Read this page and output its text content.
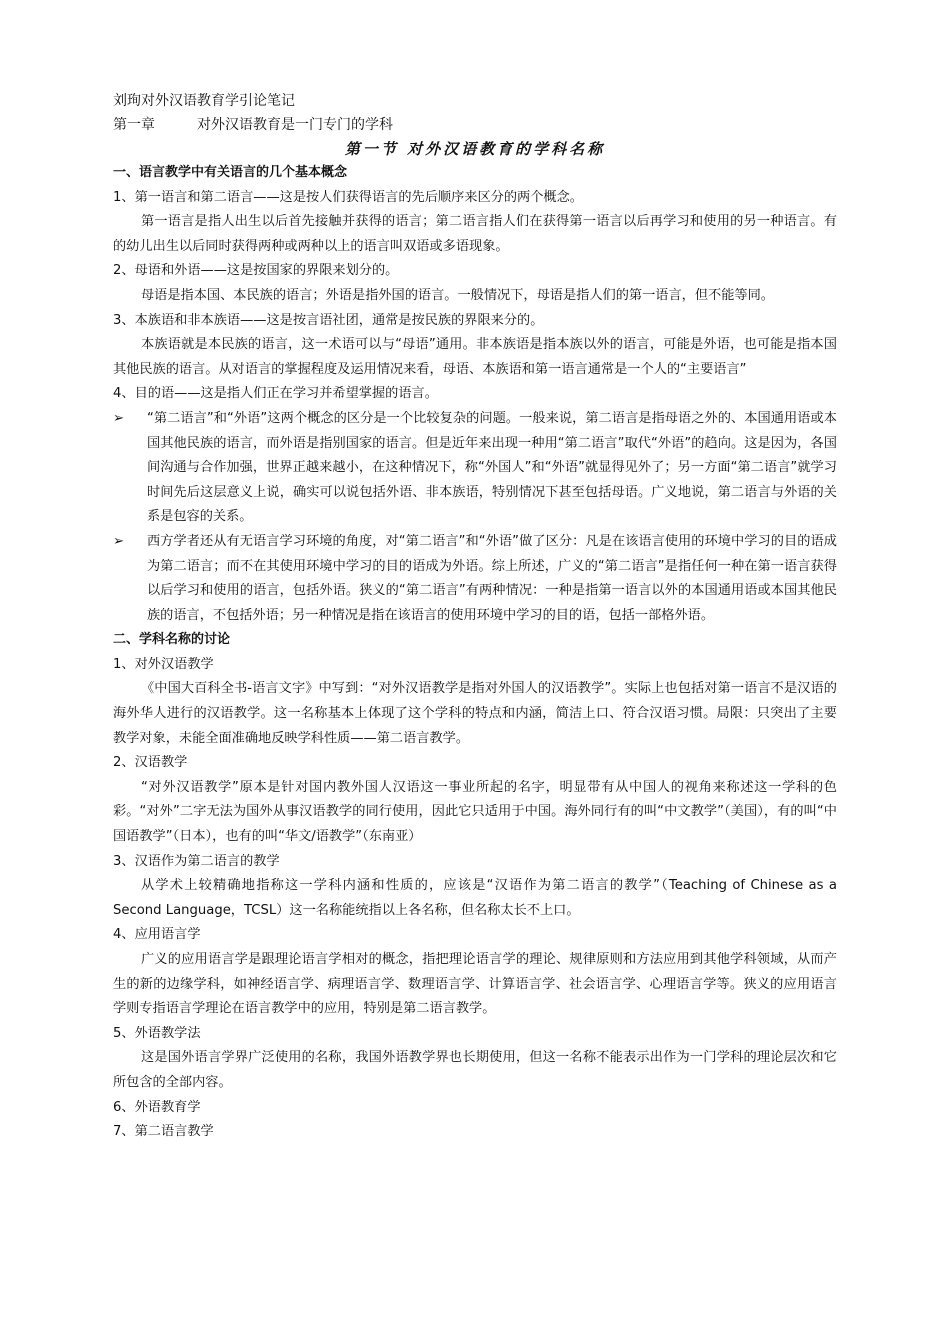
刘珣对外汉语教育学引论笔记
第一章	对外汉语教育是一门专门的学科
第一节 对外汉语教育的学科名称
一、语言教学中有关语言的几个基本概念
1、第一语言和第二语言——这是按人们获得语言的先后顺序来区分的两个概念。
第一语言是指人出生以后首先接触并获得的语言；第二语言指人们在获得第一语言以后再学习和使用的另一种语言。有的幼儿出生以后同时获得两种或两种以上的语言叫双语或多语现象。
2、母语和外语——这是按国家的界限来划分的。
母语是指本国、本民族的语言；外语是指外国的语言。一般情况下，母语是指人们的第一语言，但不能等同。
3、本族语和非本族语——这是按言语社团，通常是按民族的界限来分的。
本族语就是本民族的语言，这一术语可以与“母语”通用。非本族语是指本族以外的语言，可能是外语，也可能是指本国其他民族的语言。从对语言的掌握程度及运用情况来看，母语、本族语和第一语言通常是一个人的“主要语言”
4、目的语——这是指人们正在学习并希望掌握的语言。
➢ “第二语言”和“外语”这两个概念的区分是一个比较复杂的问题。一般来说，第二语言是指母语之外的、本国通用语或本国其他民族的语言，而外语是指别国家的语言。但是近年来出现一种用“第二语言”取代“外语”的趋向。这是因为，各国间沟通与合作加强，世界正越来越小，在这种情况下，称“外国人”和“外语”就显得见外了；另一方面“第二语言”就学习时间先后这层意义上说，确实可以说包括外语、非本族语，特别情况下甚至包括母语。广义地说，第二语言与外语的关系是包容的关系。
➢ 西方学者还从有无语言学习环境的角度，对“第二语言”和“外语”做了区分：凡是在该语言使用的环境中学习的目的语成为第二语言；而不在其使用环境中学习的目的语成为外语。综上所述，广义的“第二语言”是指任何一种在第一语言获得以后学习和使用的语言，包括外语。狭义的“第二语言”有两种情况：一种是指第一语言以外的本国通用语或本国其他民族的语言，不包括外语；另一种情况是指在该语言的使用环境中学习的目的语，包括一部格外语。
二、学科名称的讨论
1、对外汉语教学
《中国大百科全书-语言文字》中写到：“对外汉语教学是指对外国人的汉语教学”。实际上也包括对第一语言不是汉语的海外华人进行的汉语教学。这一名称基本上体现了这个学科的特点和内涵，简洁上口、符合汉语习惯。局限：只突出了主要教学对象，未能全面准确地反映学科性质——第二语言教学。
2、汉语教学
“对外汉语教学”原本是针对国内教外国人汉语这一事业所起的名字，明显带有从中国人的视角来称述这一学科的色彩。“对外”二字无法为国外从事汉语教学的同行使用，因此它只适用于中国。海外同行有的叫“中文教学”（美国），有的叫“中国语教学”（日本），也有的叫“华文/语教学”（东南亚）
3、汉语作为第二语言的教学
从学术上较精确地指称这一学科内涵和性质的，应该是“汉语作为第二语言的教学”（Teaching of Chinese as a Second Language，TCSL）这一名称能统指以上各名称，但名称太长不上口。
4、应用语言学
广义的应用语言学是跟理论语言学相对的概念，指把理论语言学的理论、规律原则和方法应用到其他学科领域，从而产生的新的边缘学科，如神经语言学、病理语言学、数理语言学、计算语言学、社会语言学、心理语言学等。狭义的应用语言学则专指语言学理论在语言教学中的应用，特别是第二语言教学。
5、外语教学法
这是国外语言学界广泛使用的名称，我国外语教学界也长期使用，但这一名称不能表示出作为一门学科的理论层次和它所包含的全部内容。
6、外语教育学
7、第二语言教学
